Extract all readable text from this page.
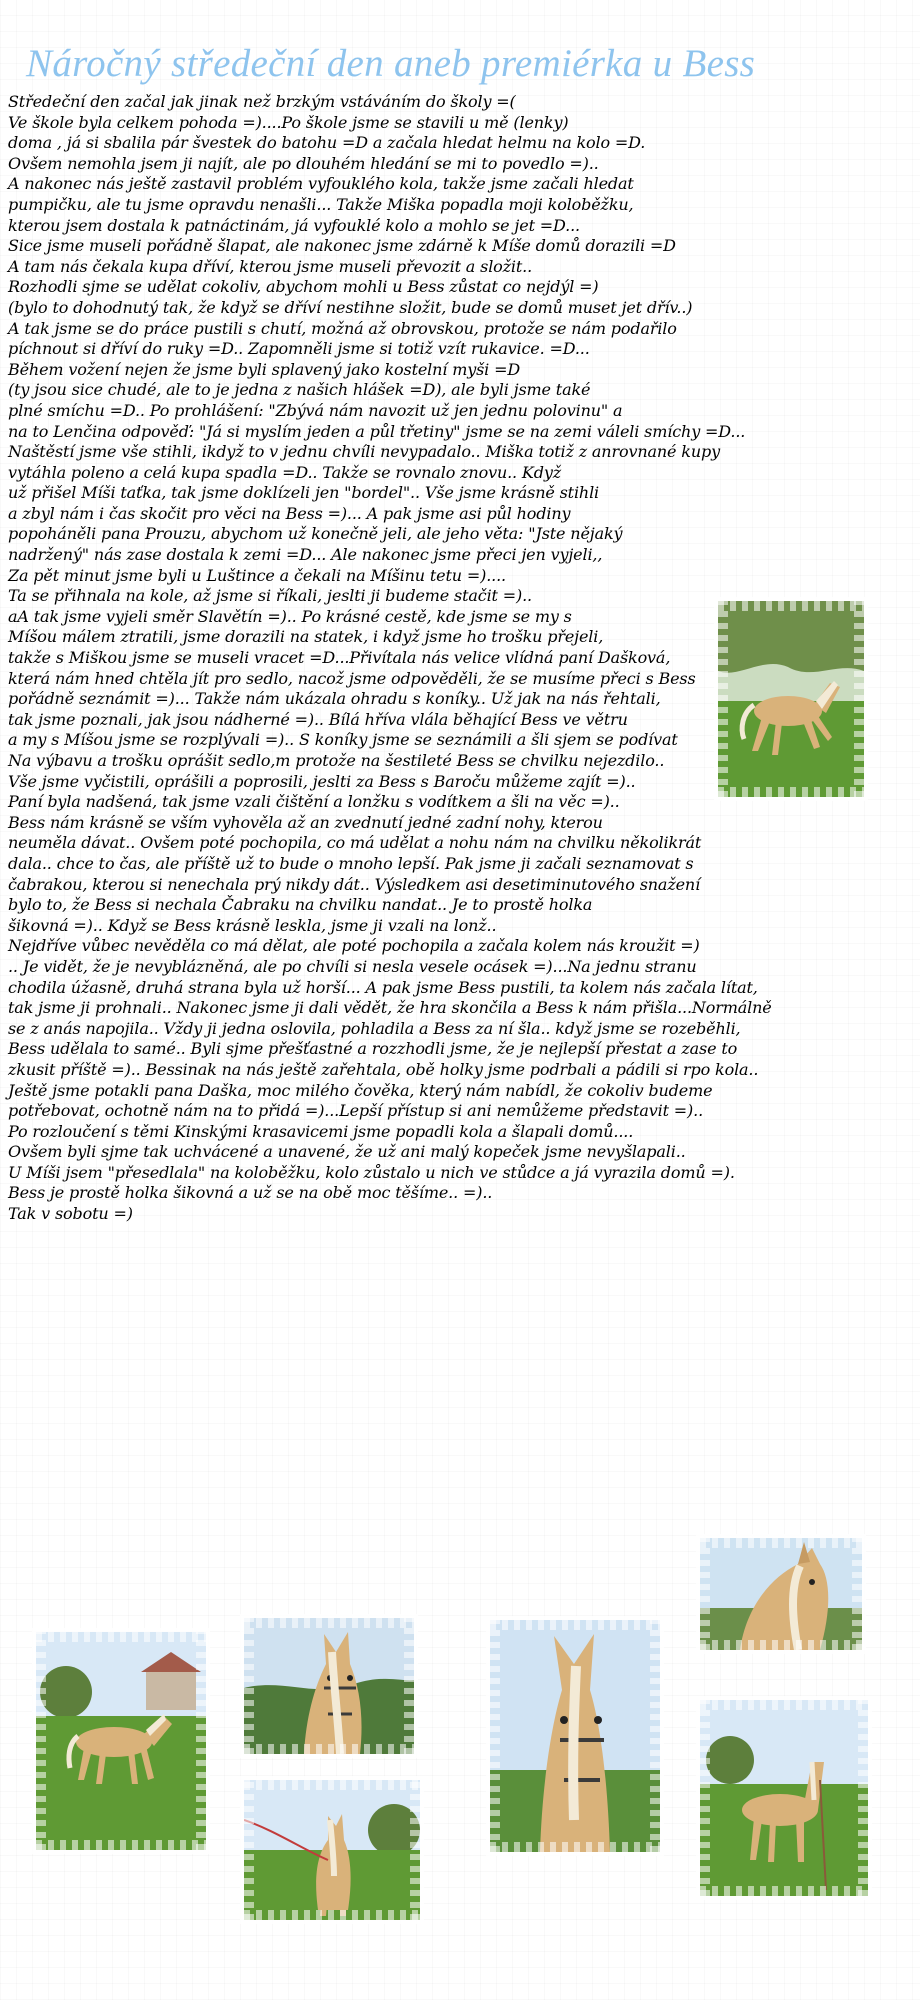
Náročný středeční den aneb premiérka u Bess
Středeční den začal jak jinak než brzkým vstáváním do školy =(
Ve škole byla celkem pohoda =)....Po škole jsme se stavili u mě (lenky)
doma , já si sbalila pár švestek do batohu =D a začala hledat helmu na kolo =D.
Ovšem nemohla jsem ji najít, ale po dlouhém hledání se mi to povedlo =)..
A nakonec nás ještě zastavil problém vyfouklého kola, takže jsme začali hledat
pumpičku, ale tu jsme opravdu nenašli... Takže Miška popadla moji koloběžku,
kterou jsem dostala k patnáctinám, já vyfouklé kolo a mohlo se jet =D...
Sice jsme museli pořádně šlapat, ale nakonec jsme zdárně k Míše domů dorazili =D
A tam nás čekala kupa dříví, kterou jsme museli převozit a složit..
Rozhodli sjme se udělat cokoliv, abychom mohli u Bess zůstat co nejdýl =)
(bylo to dohodnutý tak, že když se dříví nestihne složit, bude se domů muset jet dřív..)
A tak jsme se do práce pustili s chutí, možná až obrovskou, protože se nám podařilo
píchnout si dříví do ruky =D.. Zapomněli jsme si totiž vzít rukavice. =D...
Během vožení nejen že jsme byli splavený jako kostelní myši =D
(ty jsou sice chudé, ale to je jedna z našich hlášek =D), ale byli jsme také
plné smíchu =D.. Po prohlášení: "Zbývá nám navozit už jen jednu polovinu" a
na to Lenčina odpověď: "Já si myslím jeden a půl třetiny" jsme se na zemi váleli smíchy =D...
Naštěstí jsme vše stihli, ikdyž to v jednu chvíli nevypadalo.. Miška totiž z anrovnané kupy
vytáhla poleno a celá kupa spadla =D.. Takže se rovnalo znovu.. Když
už přišel Míši taťka, tak jsme doklízeli jen "bordel".. Vše jsme krásně stihli
a zbyl nám i čas skočit pro věci na Bess =)... A pak jsme asi půl hodiny
popoháněli pana Prouzu, abychom už konečně jeli, ale jeho věta: "Jste nějaký
nadržený" nás zase dostala k zemi =D... Ale nakonec jsme přeci jen vyjeli,,
Za pět minut jsme byli u Luštince a čekali na Míšinu tetu =)....
Ta se přihnala na kole, až jsme si říkali, jeslti ji budeme stačit =)..
aA tak jsme vyjeli směr Slavětín =).. Po krásné cestě, kde jsme se my s
Míšou málem ztratili, jsme dorazili na statek, i když jsme ho trošku přejeli,
takže s Miškou jsme se museli vracet =D...Přivítala nás velice vlídná paní Dašková,
která nám hned chtěla jít pro sedlo, nacož jsme odpověděli, že se musíme přeci s Bess
pořádně seznámit =)... Takže nám ukázala ohradu s koníky.. Už jak na nás řehtali,
tak jsme poznali, jak jsou nádherné =).. Bílá hříva vlála běhající Bess ve větru
a my s Míšou jsme se rozplývali =).. S koníky jsme se seznámili a šli sjem se podívat
Na výbavu a trošku oprášit sedlo,m protože na šestileté Bess se chvilku nejezdilo..
Vše jsme vyčistili, oprášili a poprosili, jeslti za Bess s Baroču můžeme zajít =)..
Paní byla nadšená, tak jsme vzali čištění a lonžku s vodítkem a šli na věc =)..
Bess nám krásně se vším vyhověla až an zvednutí jedné zadní nohy, kterou
neuměla dávat.. Ovšem poté pochopila, co má udělat a nohu nám na chvilku několikrát
dala.. chce to čas, ale příště už to bude o mnoho lepší. Pak jsme ji začali seznamovat s
čabrakou, kterou si nenechala prý nikdy dát.. Výsledkem asi desetiminutového snažení
bylo to, že Bess si nechala Čabraku na chvilku nandat.. Je to prostě holka
šikovná =).. Když se Bess krásně leskla, jsme ji vzali na lonž..
Nejdříve vůbec nevěděla co má dělat, ale poté pochopila a začala kolem nás kroužit =)
.. Je vidět, že je nevyblázněná, ale po chvíli si nesla vesele ocásek =)...Na jednu stranu
chodila úžasně, druhá strana byla už horší... A pak jsme Bess pustili, ta kolem nás začala lítat,
tak jsme ji prohnali.. Nakonec jsme ji dali vědět, že hra skončila a Bess k nám přišla...Normálně
se z anás napojila.. Vždy ji jedna oslovila, pohladila a Bess za ní šla.. když jsme se rozeběhli,
Bess udělala to samé.. Byli sjme přešťastné a rozzhodli jsme, že je nejlepší přestat a zase to
zkusit příště =).. Bessinak na nás ještě zařehtala, obě holky jsme podrbali a pádili si rpo kola..
Ještě jsme potakli pana Daška, moc milého čověka, který nám nabídl, že cokoliv budeme
potřebovat, ochotně nám na to přidá =)...Lepší přístup si ani nemůžeme představit =)..
Po rozloučení s těmi Kinskými krasavicemi jsme popadli kola a šlapali domů....
Ovšem byli sjme tak uchvácené a unavené, že už ani malý kopeček jsme nevyšlapali..
U Míši jsem "přesedlala" na koloběžku, kolo zůstalo u nich ve stůdce a já vyrazila domů =).
Bess je prostě holka šikovná a už se na obě moc těšíme.. =)..
Tak v sobotu =)
